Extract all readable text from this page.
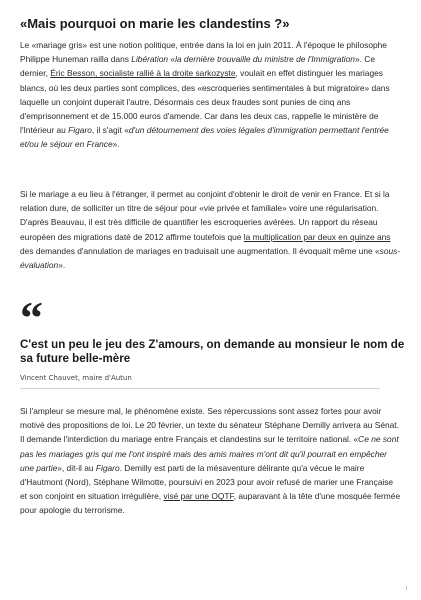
«Mais pourquoi on marie les clandestins ?»

Le «mariage gris» est une notion politique, entrée dans la loi en juin 2011. À l'époque le philosophe Philippe Huneman railla dans Libération «la dernière trouvaille du ministre de l'Immigration». Ce dernier, Éric Besson, socialiste rallié à la droite sarkozyste, voulait en effet distinguer les mariages blancs, où les deux parties sont complices, des «escroqueries sentimentales à but migratoire» dans laquelle un conjoint duperait l'autre. Désormais ces deux fraudes sont punies de cinq ans d'emprisonnement et de 15.000 euros d'amende. Car dans les deux cas, rappelle le ministère de l'Intérieur au Figaro, il s'agit «d'un détournement des voies légales d'immigration permettant l'entrée et/ou le séjour en France».

Si le mariage a eu lieu à l'étranger, il permet au conjoint d'obtenir le droit de venir en France. Et si la relation dure, de solliciter un titre de séjour pour «vie privée et familiale» voire une régularisation. D'après Beauvau, il est très difficile de quantifier les escroqueries avérées. Un rapport du réseau européen des migrations daté de 2012 affirme toutefois que la multiplication par deux en quinze ans des demandes d'annulation de mariages en traduisait une augmentation. Il évoquait même une «sous-évaluation».

“

C'est un peu le jeu des Z'amours, on demande au monsieur le nom de sa future belle-mère

Vincent Chauvet, maire d'Autun

Si l'ampleur se mesure mal, le phénomène existe. Ses répercussions sont assez fortes pour avoir motivé des propositions de loi. Le 20 février, un texte du sénateur Stéphane Demilly arrivera au Sénat. Il demande l'interdiction du mariage entre Français et clandestins sur le territoire national. «Ce ne sont pas les mariages gris qui me l'ont inspiré mais des amis maires m'ont dit qu'il pourrait en empêcher une partie», dit-il au Figaro. Demilly est parti de la mésaventure délirante qu'a vécue le maire d'Hautmont (Nord), Stéphane Wilmotte, poursuivi en 2023 pour avoir refusé de marier une Française et son conjoint en situation irrégulière, visé par une OQTF, auparavant à la tête d'une mosquée fermée pour apologie du terrorisme.
